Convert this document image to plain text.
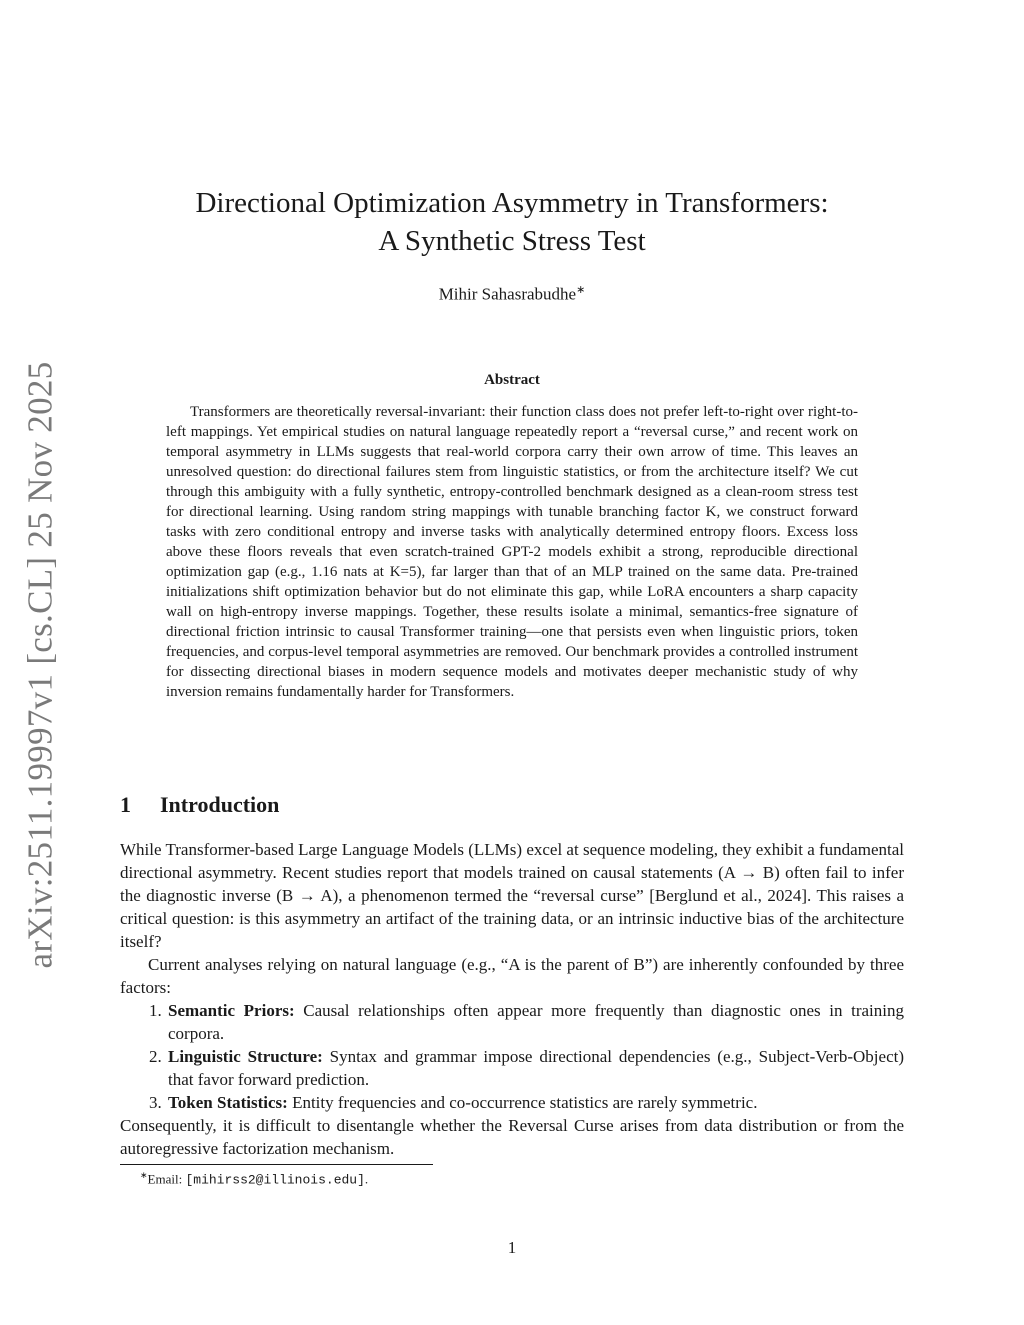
arXiv:2511.19997v1 [cs.CL] 25 Nov 2025
Directional Optimization Asymmetry in Transformers:
A Synthetic Stress Test
Mihir Sahasrabudhe∗
Abstract

Transformers are theoretically reversal-invariant: their function class does not prefer left-to-right over right-to-left mappings. Yet empirical studies on natural language repeatedly report a “reversal curse,” and recent work on temporal asymmetry in LLMs suggests that real-world corpora carry their own arrow of time. This leaves an unresolved question: do directional failures stem from linguistic statistics, or from the architecture itself? We cut through this ambiguity with a fully synthetic, entropy-controlled benchmark designed as a clean-room stress test for directional learning. Using random string mappings with tunable branching factor K, we construct forward tasks with zero conditional entropy and inverse tasks with analytically determined entropy floors. Excess loss above these floors reveals that even scratch-trained GPT-2 models exhibit a strong, reproducible directional optimization gap (e.g., 1.16 nats at K=5), far larger than that of an MLP trained on the same data. Pre-trained initializations shift optimization behavior but do not eliminate this gap, while LoRA encounters a sharp capacity wall on high-entropy inverse mappings. Together, these results isolate a minimal, semantics-free signature of directional friction intrinsic to causal Transformer training—one that persists even when linguistic priors, token frequencies, and corpus-level temporal asymmetries are removed. Our benchmark provides a controlled instrument for dissecting directional biases in modern sequence models and motivates deeper mechanistic study of why inversion remains fundamentally harder for Transformers.

1 Introduction

While Transformer-based Large Language Models (LLMs) excel at sequence modeling, they exhibit a fundamental directional asymmetry. Recent studies report that models trained on causal statements (A → B) often fail to infer the diagnostic inverse (B → A), a phenomenon termed the “reversal curse” [Berglund et al., 2024]. This raises a critical question: is this asymmetry an artifact of the training data, or an intrinsic inductive bias of the architecture itself?

Current analyses relying on natural language (e.g., “A is the parent of B”) are inherently confounded by three factors:

1. Semantic Priors: Causal relationships often appear more frequently than diagnostic ones in training corpora.
2. Linguistic Structure: Syntax and grammar impose directional dependencies (e.g., Subject-Verb-Object) that favor forward prediction.
3. Token Statistics: Entity frequencies and co-occurrence statistics are rarely symmetric.

Consequently, it is difficult to disentangle whether the Reversal Curse arises from data distribution or from the autoregressive factorization mechanism.

∗Email: [mihirss2@illinois.edu].
1
